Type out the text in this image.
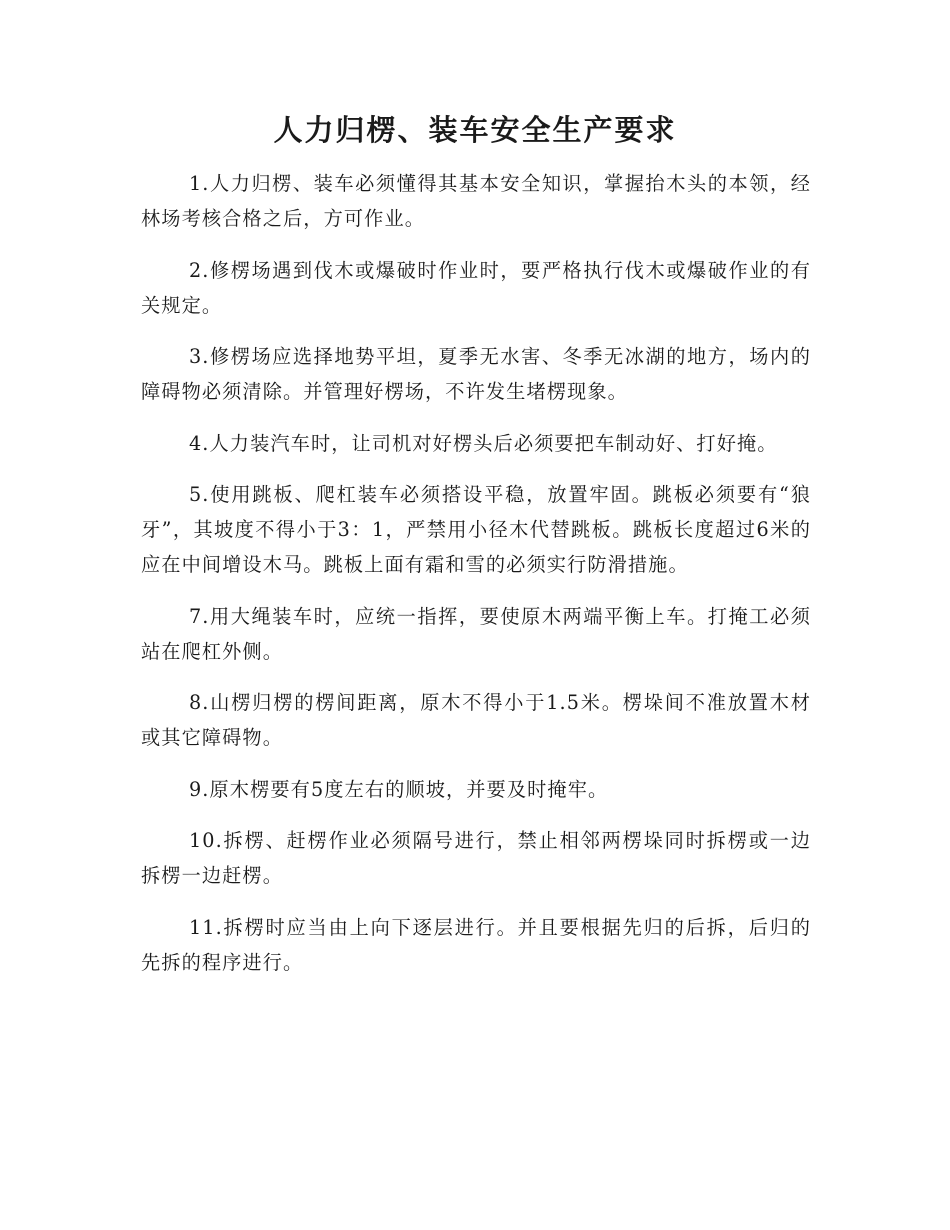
人力归楞、装车安全生产要求

1.人力归楞、装车必须懂得其基本安全知识，掌握抬木头的本领，经林场考核合格之后，方可作业。

2.修楞场遇到伐木或爆破时作业时，要严格执行伐木或爆破作业的有关规定。

3.修楞场应选择地势平坦，夏季无水害、冬季无冰湖的地方，场内的障碍物必须清除。并管理好楞场，不许发生堵楞现象。

4.人力装汽车时，让司机对好楞头后必须要把车制动好、打好掩。

5.使用跳板、爬杠装车必须搭设平稳，放置牢固。跳板必须要有“狼牙”，其坡度不得小于3：1，严禁用小径木代替跳板。跳板长度超过6米的应在中间增设木马。跳板上面有霜和雪的必须实行防滑措施。

7.用大绳装车时，应统一指挥，要使原木两端平衡上车。打掩工必须站在爬杠外侧。

8.山楞归楞的楞间距离，原木不得小于1.5米。楞垛间不准放置木材或其它障碍物。

9.原木楞要有5度左右的顺坡，并要及时掩牢。

10.拆楞、赶楞作业必须隔号进行，禁止相邻两楞垛同时拆楞或一边拆楞一边赶楞。

11.拆楞时应当由上向下逐层进行。并且要根据先归的后拆，后归的先拆的程序进行。
